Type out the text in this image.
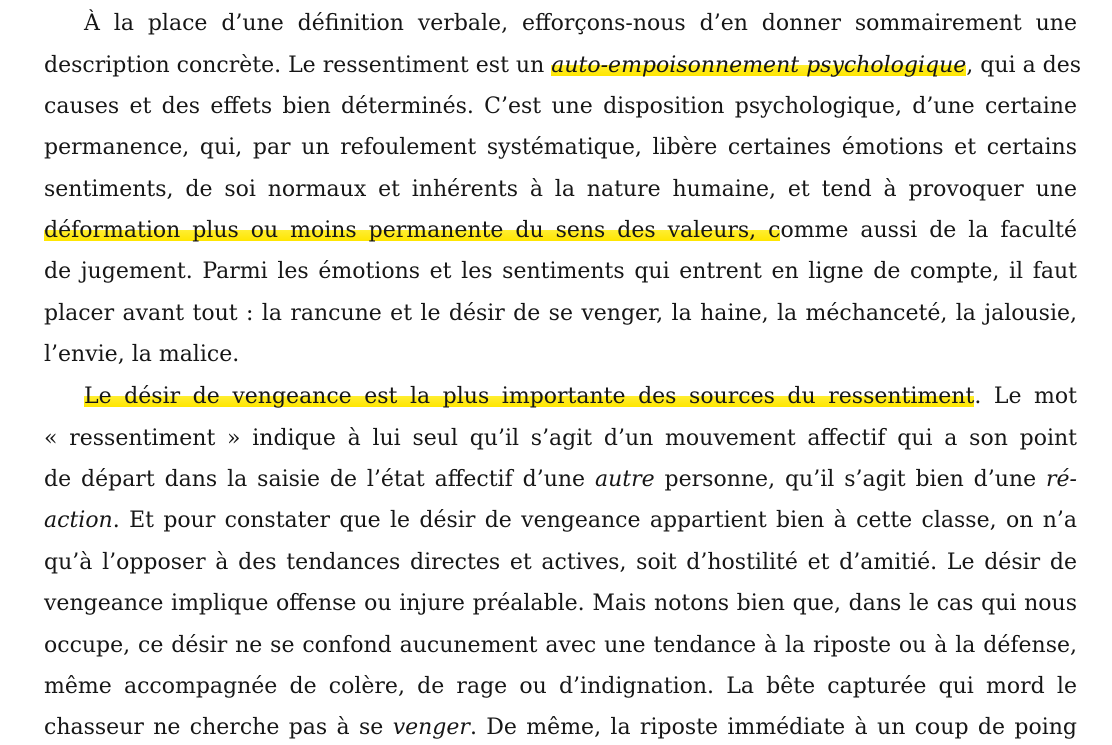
À la place d’une définition verbale, efforçons-nous d’en donner sommairement une
description concrète. Le ressentiment est un auto-empoisonnement psychologique, qui a des
causes et des effets bien déterminés. C’est une disposition psychologique, d’une certaine
permanence, qui, par un refoulement systématique, libère certaines émotions et certains
sentiments, de soi normaux et inhérents à la nature humaine, et tend à provoquer une
déformation plus ou moins permanente du sens des valeurs, comme aussi de la faculté
de jugement. Parmi les émotions et les sentiments qui entrent en ligne de compte, il faut
placer avant tout : la rancune et le désir de se venger, la haine, la méchanceté, la jalousie,
l’envie, la malice.
Le désir de vengeance est la plus importante des sources du ressentiment. Le mot
« ressentiment » indique à lui seul qu’il s’agit d’un mouvement affectif qui a son point
de départ dans la saisie de l’état affectif d’une autre personne, qu’il s’agit bien d’une ré-
action. Et pour constater que le désir de vengeance appartient bien à cette classe, on n’a
qu’à l’opposer à des tendances directes et actives, soit d’hostilité et d’amitié. Le désir de
vengeance implique offense ou injure préalable. Mais notons bien que, dans le cas qui nous
occupe, ce désir ne se confond aucunement avec une tendance à la riposte ou à la défense,
même accompagnée de colère, de rage ou d’indignation. La bête capturée qui mord le
chasseur ne cherche pas à se venger. De même, la riposte immédiate à un coup de poing
